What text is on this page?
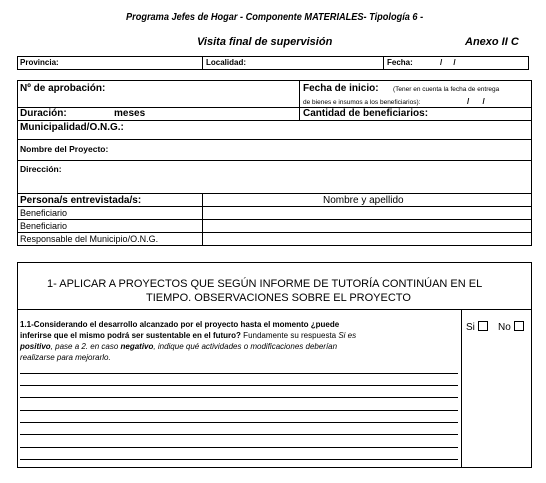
Programa Jefes de Hogar - Componente MATERIALES- Tipología 6 -
Visita final de supervisión	Anexo II C
Provincia:	Localidad:	Fecha:	/     /
Nº de aprobación:	Fecha de inicio: (Tener en cuenta la fecha de entrega
de bienes e insumos a los beneficiarios):	/      /
Duración:	meses	Cantidad de beneficiarios:
Municipalidad/O.N.G.:
Nombre del Proyecto:
Dirección:
Persona/s entrevistada/s:	Nombre y apellido
Beneficiario
Beneficiario
Responsable del Municipio/O.N.G.
1- APLICAR A PROYECTOS QUE SEGÚN INFORME DE TUTORÍA CONTINÚAN EN EL
TIEMPO. OBSERVACIONES SOBRE EL PROYECTO
1.1-Considerando el desarrollo alcanzado por el proyecto hasta el momento ¿puede
inferirse que el mismo podrá ser sustentable en el futuro? Fundamente su respuesta Si es
positivo, pase a 2. en caso negativo, indique qué actividades o modificaciones deberían
realizarse para mejorarlo.
Si	No
